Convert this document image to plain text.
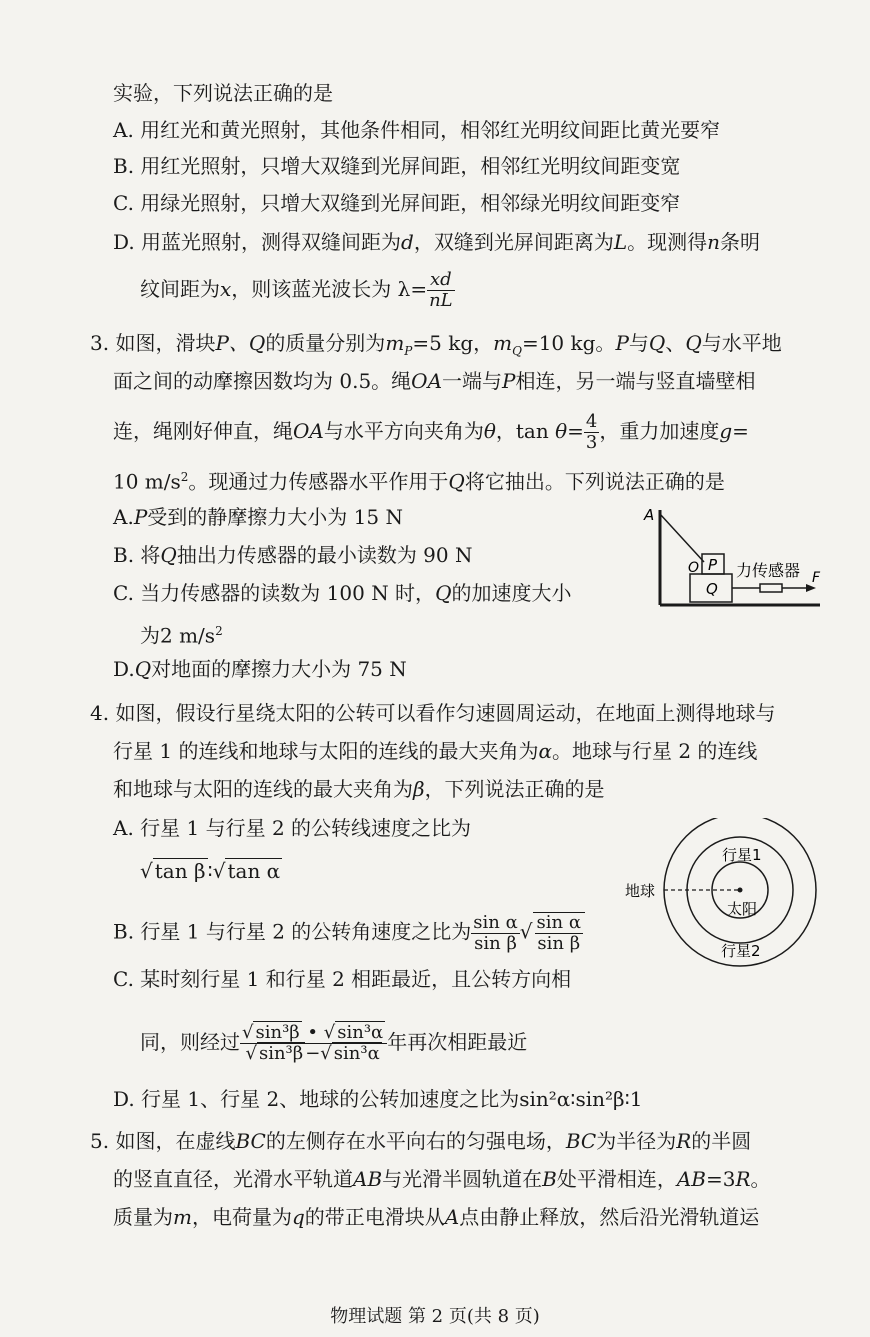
实验，下列说法正确的是
A. 用红光和黄光照射，其他条件相同，相邻红光明纹间距比黄光要窄
B. 用红光照射，只增大双缝到光屏间距，相邻红光明纹间距变宽
C. 用绿光照射，只增大双缝到光屏间距，相邻绿光明纹间距变窄
D. 用蓝光照射，测得双缝间距为d，双缝到光屏间距离为L。现测得n条明
纹间距为x，则该蓝光波长为 $\lambda= \frac{xd}{nL}$
3. 如图，滑块P、Q的质量分别为$m_P=5$ kg，$m_Q=10$ kg。P与Q、Q与水平地
面之间的动摩擦因数均为 0.5。绳OA一端与P相连，另一端与竖直墙壁相
连，绳刚好伸直，绳OA与水平方向夹角为θ，$\tan \theta= \frac{4}{3}$ ，重力加速度g=
10 $m/s^2$。现通过力传感器水平作用于Q将它抽出。下列说法正确的是
A.P受到的静摩擦力大小为 15 N
B. 将Q抽出力传感器的最小读数为 90 N
C. 当力传感器的读数为 100 N 时，Q的加速度大小
为2 $m/s^2$
D.Q对地面的摩擦力大小为 75 N
A
O P
Q
力传感器 F
4. 如图，假设行星绕太阳的公转可以看作匀速圆周运动，在地面上测得地球与
行星 1 的连线和地球与太阳的连线的最大夹角为α。地球与行星 2 的连线
和地球与太阳的连线的最大夹角为β，下列说法正确的是
A. 行星 1 与行星 2 的公转线速度之比为
√ tan β ∶√ tan α
B. 行星 1 与行星 2 的公转角速度之比为 $\frac{\text{sin α}}{\text{sin β}}$ √ $\frac{\text{sin α}}{\text{sin β}}$
C. 某时刻行星 1 和行星 2 相距最近，且公转方向相
同，则经过 $\frac{\text{√ sin³β • √ sin³α}}{\text{√ sin³β −√ sin³α}}$ 年再次相距最近
D. 行星 1、行星 2、地球的公转加速度之比为sin²α∶sin²β∶1
行星1
地球
太阳
行星2
5. 如图，在虚线BC的左侧存在水平向右的匀强电场，BC为半径为R的半圆
的竖直直径，光滑水平轨道AB与光滑半圆轨道在B处平滑相连，AB=3R。
质量为m，电荷量为q的带正电滑块从A点由静止释放，然后沿光滑轨道运
物理试题 第 2 页(共 8 页)
